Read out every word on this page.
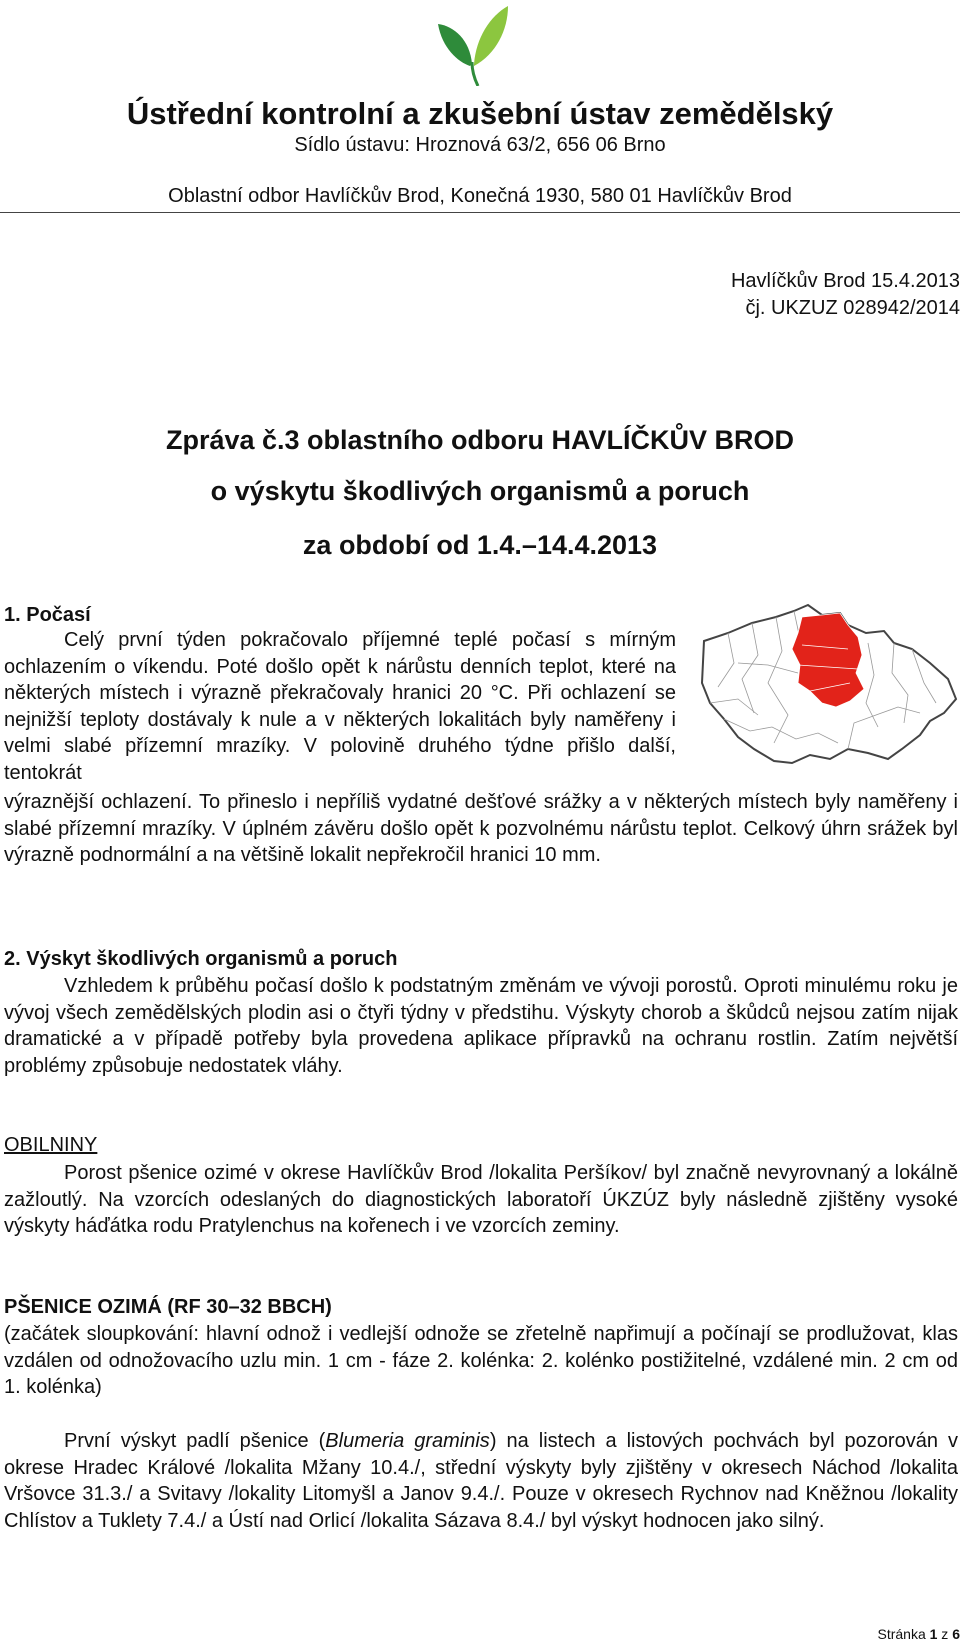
Ústřední kontrolní a zkušební ústav zemědělský
Sídlo ústavu: Hroznová 63/2, 656 06 Brno
Oblastní odbor Havlíčkův Brod, Konečná 1930, 580 01 Havlíčkův Brod
Havlíčkův Brod 15.4.2013
čj. UKZUZ 028942/2014
Zpráva č.3 oblastního odboru HAVLÍČKŮV BROD
o výskytu škodlivých organismů a poruch
za období od 1.4.–14.4.2013
1. Počasí

Celý první týden pokračovalo příjemné teplé počasí s mírným ochlazením o víkendu. Poté došlo opět k nárůstu denních teplot, které na některých místech i výrazně překračovaly hranici 20 °C. Při ochlazení se nejnižší teploty dostávaly k nule a v některých lokalitách byly naměřeny i velmi slabé přízemní mrazíky. V polovině druhého týdne přišlo další, tentokrát

výraznější ochlazení. To přineslo i nepříliš vydatné dešťové srážky a v některých místech byly naměřeny i slabé přízemní mrazíky. V úplném závěru došlo opět k pozvolnému nárůstu teplot. Celkový úhrn srážek byl výrazně podnormální a na většině lokalit nepřekročil hranici 10 mm.

2. Výskyt škodlivých organismů a poruch

Vzhledem k průběhu počasí došlo k podstatným změnám ve vývoji porostů. Oproti minulému roku je vývoj všech zemědělských plodin asi o čtyři týdny v předstihu. Výskyty chorob a škůdců nejsou zatím nijak dramatické a v případě potřeby byla provedena aplikace přípravků na ochranu rostlin. Zatím největší problémy způsobuje nedostatek vláhy.

OBILNINY

Porost pšenice ozimé v okrese Havlíčkův Brod /lokalita Peršíkov/ byl značně nevyrovnaný a lokálně zažloutlý. Na vzorcích odeslaných do diagnostických laboratoří ÚKZÚZ byly následně zjištěny vysoké výskyty háďátka rodu Pratylenchus na kořenech i ve vzorcích zeminy.

PŠENICE OZIMÁ (RF 30–32 BBCH)

(začátek sloupkování: hlavní odnož i vedlejší odnože se zřetelně napřimují a počínají se prodlužovat, klas vzdálen od odnožovacího uzlu min. 1 cm - fáze 2. kolénka: 2. kolénko postižitelné, vzdálené min. 2 cm od 1. kolénka)

První výskyt padlí pšenice (Blumeria graminis) na listech a listových pochvách byl pozorován v okrese Hradec Králové /lokalita Mžany 10.4./, střední výskyty byly zjištěny v okresech Náchod /lokalita Vršovce 31.3./ a Svitavy /lokality Litomyšl a Janov 9.4./. Pouze v okresech Rychnov nad Kněžnou /lokality Chlístov a Tuklety 7.4./ a Ústí nad Orlicí /lokalita Sázava 8.4./ byl výskyt hodnocen jako silný.

Stránka 1 z 6
